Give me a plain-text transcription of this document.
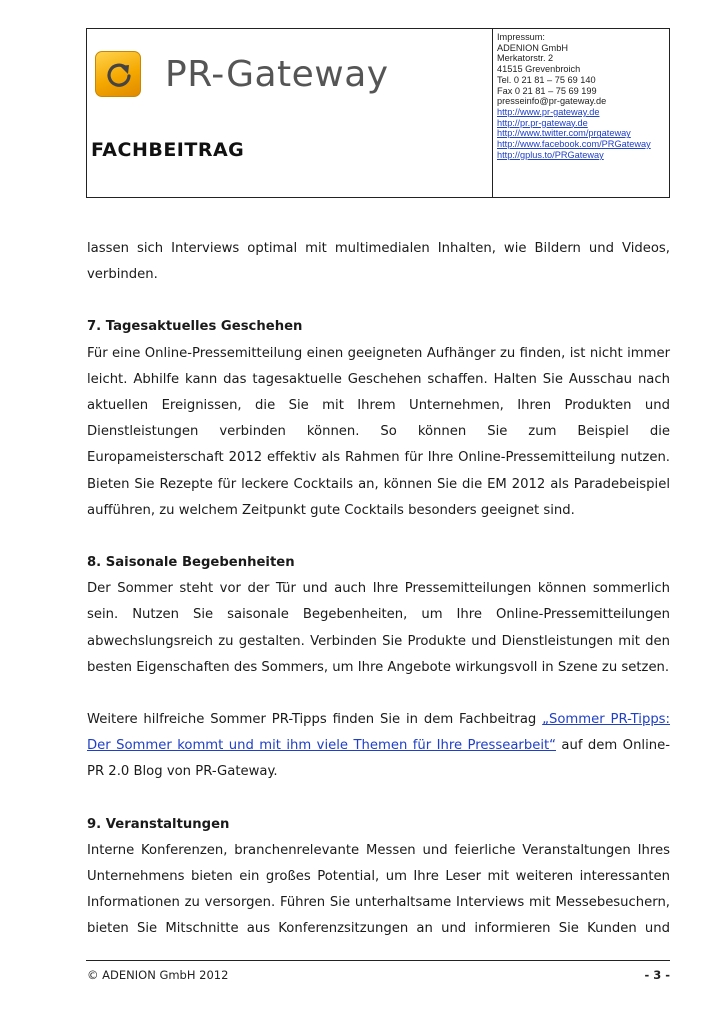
PR-Gateway
FACHBEITRAG
Impressum:
ADENION GmbH
Merkatorstr. 2
41515 Grevenbroich
Tel. 0 21 81 – 75 69 140
Fax 0 21 81 – 75 69 199
presseinfo@pr-gateway.de
http://www.pr-gateway.de
http://pr.pr-gateway.de
http://www.twitter.com/prgateway
http://www.facebook.com/PRGateway
http://gplus.to/PRGateway

lassen sich Interviews optimal mit multimedialen Inhalten, wie Bildern und Videos, verbinden.

7. Tagesaktuelles Geschehen

Für eine Online-Pressemitteilung einen geeigneten Aufhänger zu finden, ist nicht immer leicht. Abhilfe kann das tagesaktuelle Geschehen schaffen. Halten Sie Ausschau nach aktuellen Ereignissen, die Sie mit Ihrem Unternehmen, Ihren Produkten und Dienstleistungen verbinden können. So können Sie zum Beispiel die Europameisterschaft 2012 effektiv als Rahmen für Ihre Online-Pressemitteilung nutzen. Bieten Sie Rezepte für leckere Cocktails an, können Sie die EM 2012 als Paradebeispiel aufführen, zu welchem Zeitpunkt gute Cocktails besonders geeignet sind.

8. Saisonale Begebenheiten

Der Sommer steht vor der Tür und auch Ihre Pressemitteilungen können sommerlich sein. Nutzen Sie saisonale Begebenheiten, um Ihre Online-Pressemitteilungen abwechslungsreich zu gestalten. Verbinden Sie Produkte und Dienstleistungen mit den besten Eigenschaften des Sommers, um Ihre Angebote wirkungsvoll in Szene zu setzen.

Weitere hilfreiche Sommer PR-Tipps finden Sie in dem Fachbeitrag „Sommer PR-Tipps: Der Sommer kommt und mit ihm viele Themen für Ihre Pressearbeit“ auf dem Online-PR 2.0 Blog von PR-Gateway.

9. Veranstaltungen

Interne Konferenzen, branchenrelevante Messen und feierliche Veranstaltungen Ihres Unternehmens bieten ein großes Potential, um Ihre Leser mit weiteren interessanten Informationen zu versorgen. Führen Sie unterhaltsame Interviews mit Messebesuchern, bieten Sie Mitschnitte aus Konferenzsitzungen an und informieren Sie Kunden und

© ADENION GmbH 2012	- 3 -
